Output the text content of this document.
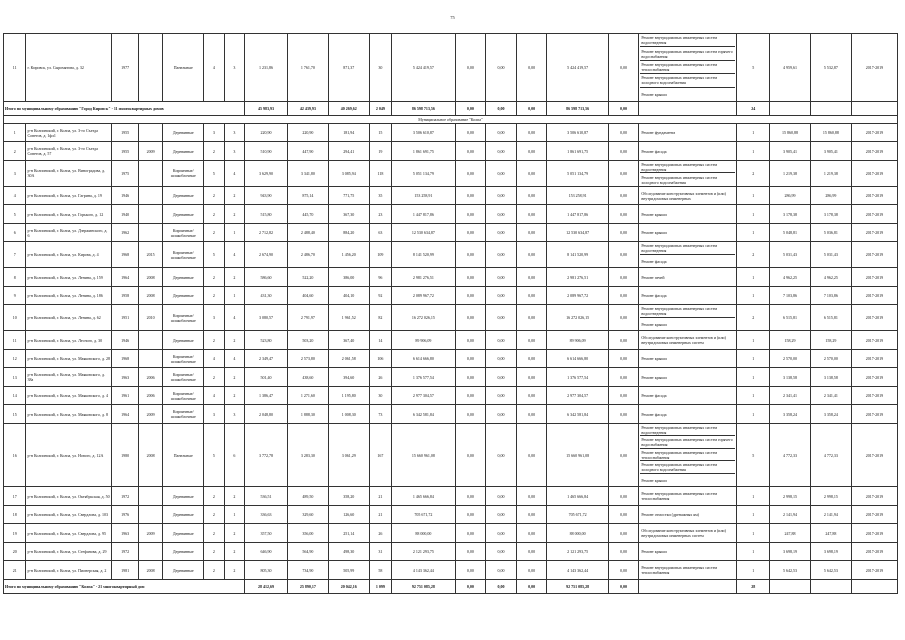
75
11	г. Кировск, ул. Сыромятова, д. 32	1977		Панельные	4	3	1 231,86	1 761,70	871,37	30	5 424 419,57	0,00	0,00	0,00	5 424 419,57	0,00	Ремонт внутридомовых инженерных систем водоотведения
Ремонт внутридомовых инженерных систем горячего водоснабжения
Ремонт внутридомовых инженерных систем теплоснабжения
Ремонт внутридомовых инженерных систем холодного водоснабжения
Ремонт крыши	5	4 959,61	5 532,87	2017-2019
Итого по муниципальному образованию "Город Кировск" - 11 многоквартирных домов							45 983,93	42 439,93	40 269,62	2 049	86 598 713,56	0,00	0,00	0,00	86 598 713,56	0,00		24			
Муниципальное образование "Колпа"																					
1	р-н Колпинский, г. Колпа, ул. 3-го Съезда Советов, д. 1фл1	1955		Деревянные	3	3	220,90	220,90	181,94	15	3 506 610,87	0,00	0,00	0,00	3 506 610,87	0,00	Ремонт фундамента	1	15 860,88	15 860,88	2017-2019
2	р-н Колпинский, г. Колпа, ул. 3-го Съезда Советов, д. 57	1955	2009	Деревянные	2	3	510,90	447,90	294,41	19	1 861 691,75	0,00	0,00	0,00	1 861 691,75	0,00	Ремонт фасада	1	3 905,41	3 905,41	2017-2019
3	р-н Колпинский, г. Колпа, ул. Виноградова, д. 30А	1975		Кирпичные/ шлакоблочные	5	4	3 629,90	3 341,80	3 085,94	118	5 051 134,79	0,00	0,00	0,00	5 051 134,79	0,00	Ремонт внутридомовых инженерных систем водоотведения
Ремонт внутридомовых инженерных систем холодного водоснабжения	2	1 219,38	1 219,38	2017-2019
4	р-н Колпинский, г. Колпа, ул. Гагрина, д. 19	1946		Деревянные	2	2	943,90	875,14	771,75	35	153 258,91	0,00	0,00	0,00	153 258,91	0,00	Обследование конструктивных элементов и (или) внутридомовых инженерных	1	286,99	286,99	2017-2019
5	р-н Колпинский, г. Колпа, ул. Горького, д. 12	1940		Деревянные	2	2	515,80	445,70	367,30	23	1 447 817,86	0,00	0,00	0,00	1 447 817,86	0,00	Ремонт крыши	1	3 178,38	3 178,38	2017-2019
6	р-н Колпинский, г. Колпа, ул. Дзержинского, д. 6	1962		Кирпичные/ шлакоблочные	2	1	2 712,82	2 488,40	884,20	63	12 530 634,87	0,00	0,00	0,00	12 530 634,87	0,00	Ремонт крыши	1	5 048,81	5 036,81	2017-2019
7	р-н Колпинский, г. Колпа, ул. Кирова, д. 4	1968	2015	Кирпичные/ шлакоблочные	5	4	2 674,90	2 486,70	1 456,20	109	8 141 520,99	0,00	0,00	0,00	8 141 520,99	0,00	Ремонт внутридомовых инженерных систем водоотведения
Ремонт фасада	2	5 031,43	5 031,43	2017-2019
8	р-н Колпинский, г. Колпа, ул. Ленина, д. 159	1964	2008	Деревянные	2	2	586,60	522,20	386,00	96	2 981 276,51	0,00	0,00	0,00	2 981 276,51	0,00	Ремонт печей	1	4 962,25	4 962,25	2017-2019
9	р-н Колпинский, г. Колпа, ул. Ленина, д. 186	1958	2008	Деревянные	2	1	431,30	404,60	404,10	92	2 089 967,72	0,00	0,00	0,00	2 089 967,72	0,00	Ремонт фасада	1	7 103,86	7 103,86	2017-2019
10	р-н Колпинский, г. Колпа, ул. Ленина, д. 62	1951	2010	Кирпичные/ шлакоблочные	3	4	3 080,57	2 791,97	1 961,52	82	16 272 026,15	0,00	0,00	0,00	16 272 026,15	0,00	Ремонт внутридомовых инженерных систем водоотведения
Ремонт крыши	2	6 515,81	6 515,81	2017-2019
11	р-н Колпинский, г. Колпа, ул. Лесного, д. 30	1946		Деревянные	2	2	523,80	503,20	367,40	14	89 906,09	0,00	0,00	0,00	89 906,09	0,00	Обследование конструктивных элементов и (или) внутридомовых инженерных систем	1	158,29	158,29	2017-2019
12	р-н Колпинский, г. Колпа, ул. Маяковского, д. 28	1968		Кирпичные/ шлакоблочные	4	4	2 349,47	2 573,80	2 061,58	106	6 614 666,80	0,00	0,00	0,00	6 614 666,80	0,00	Ремонт крыши	1	2 570,00	2 570,00	2017-2019
13	р-н Колпинский, г. Колпа, ул. Маяковского, д. 38а	1963	2006	Кирпичные/ шлакоблочные	2	2	501,40	438,60	394,60	26	1 376 577,54	0,00	0,00	0,00	1 376 577,54	0,00	Ремонт крыши	1	3 138,58	3 138,58	2017-2019
14	р-н Колпинский, г. Колпа, ул. Маяковского, д. 4	1961	2006	Кирпичные/ шлакоблочные	4	2	1 386,47	1 271,60	1 195,80	30	2 977 304,57	0,00	0,00	0,00	2 977 304,57	0,00	Ремонт фасада	1	2 341,41	2 341,41	2017-2019
15	р-н Колпинский, г. Колпа, ул. Маяковского, д. 8	1964	2009	Кирпичные/ шлакоблочные	3	3	2 048,80	1 888,30	1 008,30	73	6 342 581,84	0,00	0,00	0,00	6 342 581,84	0,00	Ремонт фасада	1	3 358,24	3 358,24	2017-2019
16	р-н Колпинский, г. Колпа, ул. Нового, д. 12А	1980	2008	Панельные	5	6	3 772,78	3 283,30	3 061,29	167	15 660 961,08	0,00	0,00	0,00	15 660 961,08	0,00	Ремонт внутридомовых инженерных систем водоотведения
Ремонт внутридомовых инженерных систем горячего водоснабжения
Ремонт внутридомовых инженерных систем теплоснабжения
Ремонт внутридомовых инженерных систем холодного водоснабжения
Ремонт крыши	5	4 772,33	4 772,33	2017-2019
17	р-н Колпинский, г. Колпа, ул. Октябрьская, д. 50	1972		Деревянные	2	2	536,51	489,50	358,20	21	1 465 666,84	0,00	0,00	0,00	1 465 666,84	0,00	Ремонт внутридомовых инженерных систем теплоснабжения	1	2 998,15	2 998,15	2017-2019
18	р-н Колпинский, г. Колпа, ул. Свердлова, д. 103	1976		Деревянные	2	1	336,63	329,60	126,60	21	705 671,72	0,00	0,00	0,00	705 671,72	0,00	Ремонт отмостки (дренажных ям)	1	2 141,94	2 141,94	2017-2019
19	р-н Колпинский, г. Колпа, ул. Свердлова, д. 95	1963	2009	Деревянные	2	2	357,50	356,00	251,14	26	88 000,00	0,00	0,00	0,00	88 000,00	0,00	Обследование конструктивных элементов и (или) внутридомовых инженерных систем	1	247,88	247,88	2017-2019
20	р-н Колпинский, г. Колпа, ул. Стефанова, д. 29	1972		Деревянные	2	2	646,90	564,90	498,30	31	2 121 293,75	0,00	0,00	0,00	2 121 293,75	0,00	Ремонт крыши	1	3 698,19	3 698,19	2017-2019
21	р-н Колпинский, г. Колпа, ул. Пионерская, д. 2	1981	2008	Деревянные	2	2	805,30	734,90	505,99	58	4 143 362,44	0,00	0,00	0,00	4 143 362,44	0,00	Ремонт внутридомовых инженерных систем теплоснабжения	1	5 642,53	5 642,53	2017-2019
Итого по муниципальному образованию "Колпа" - 21 многоквартирный дом							28 412,69	25 890,17	20 042,16	1 099	92 751 085,28	0,00	0,00	0,00	92 751 085,28	0,00		28			
